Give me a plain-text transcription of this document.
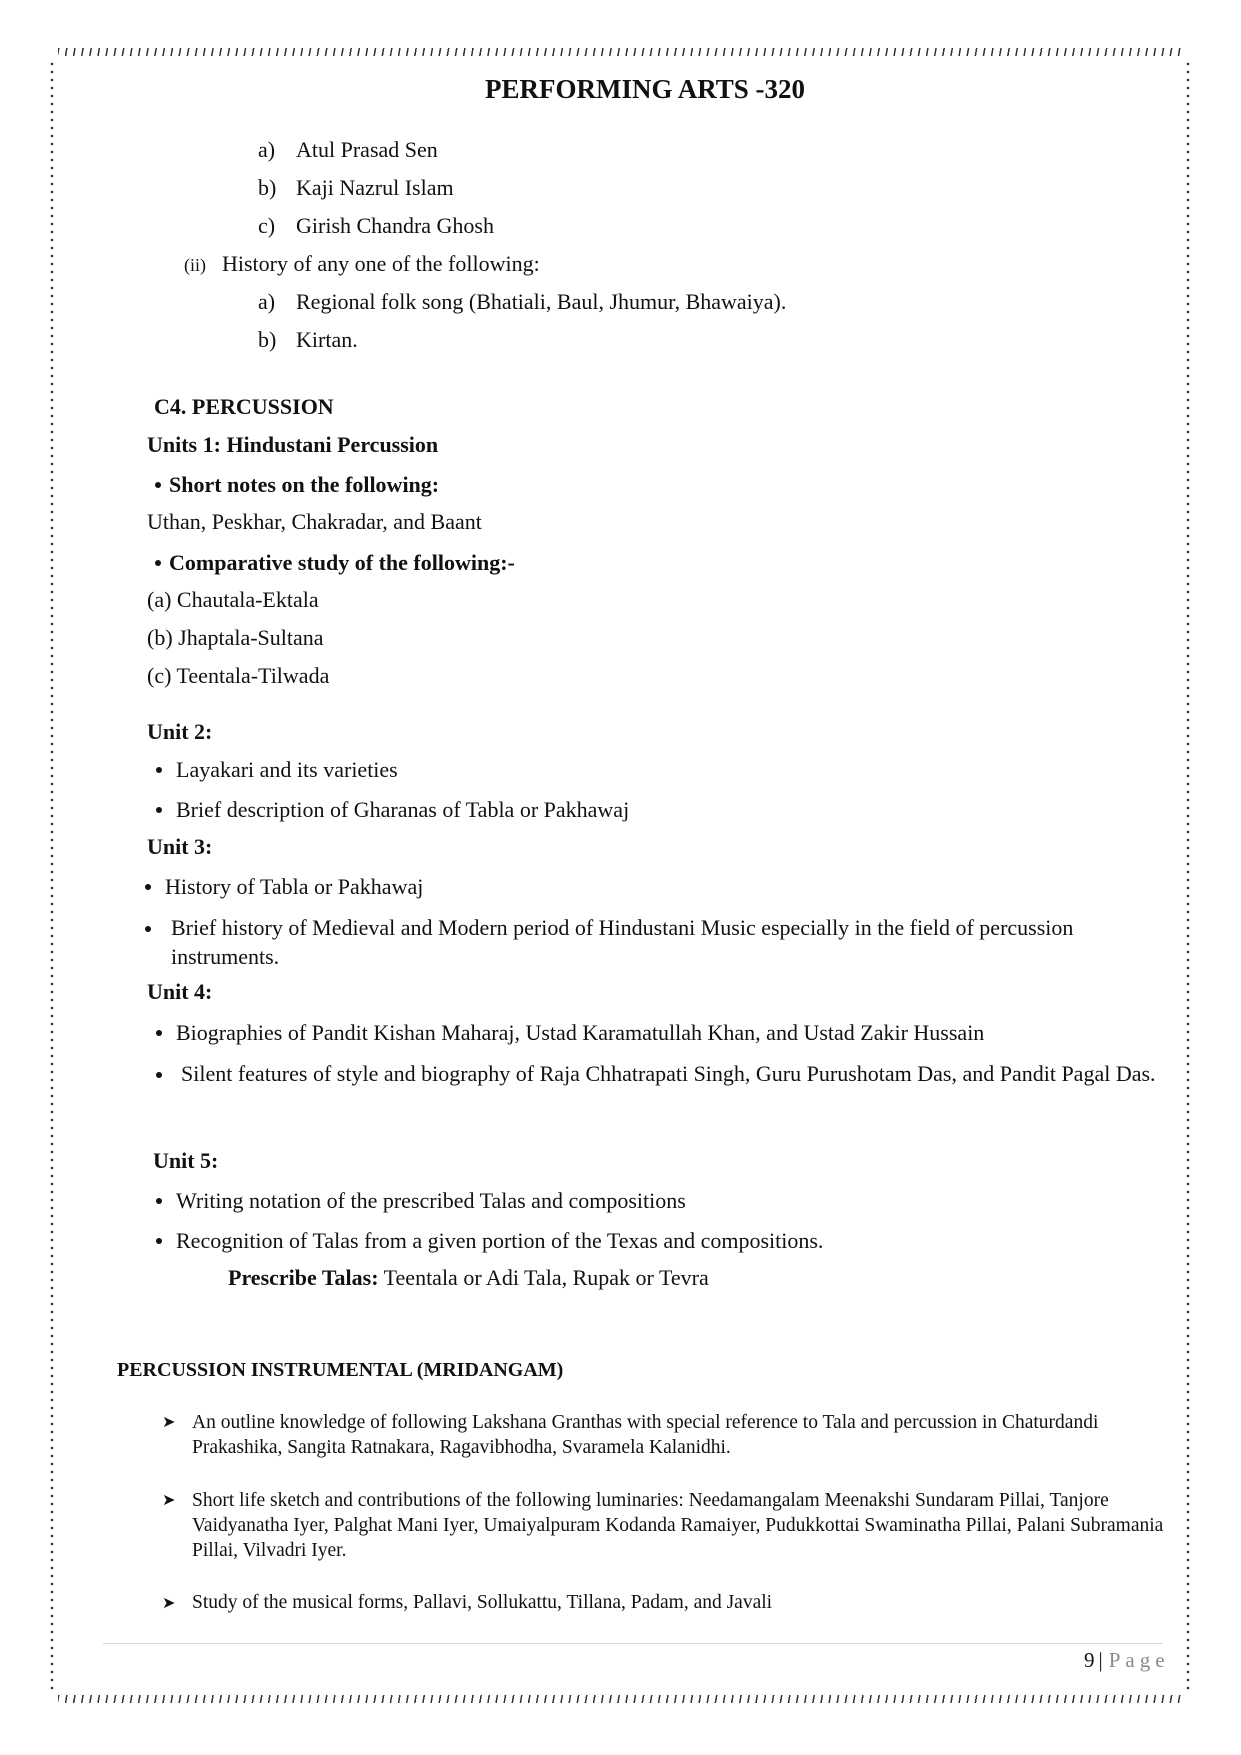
PERFORMING ARTS -320
a) Atul Prasad Sen
b) Kaji Nazrul Islam
c) Girish Chandra Ghosh
(ii) History of any one of the following:
a) Regional folk song (Bhatiali, Baul, Jhumur, Bhawaiya).
b) Kirtan.
C4. PERCUSSION
Units 1: Hindustani Percussion
Short notes on the following:
Uthan, Peskhar, Chakradar, and Baant
Comparative study of the following:-
(a) Chautala-Ektala
(b) Jhaptala-Sultana
(c) Teentala-Tilwada
Unit 2:
Layakari and its varieties
Brief description of Gharanas of Tabla or Pakhawaj
Unit 3:
History of Tabla or Pakhawaj
Brief history of Medieval and Modern period of Hindustani Music especially in the field of percussion instruments.
Unit 4:
Biographies of Pandit Kishan Maharaj, Ustad Karamatullah Khan, and Ustad Zakir Hussain
Silent features of style and biography of Raja Chhatrapati Singh, Guru Purushotam Das, and Pandit Pagal Das.
Unit 5:
Writing notation of the prescribed Talas and compositions
Recognition of Talas from a given portion of the Texas and compositions.
Prescribe Talas: Teentala or Adi Tala, Rupak or Tevra
PERCUSSION INSTRUMENTAL (MRIDANGAM)
➤ An outline knowledge of following Lakshana Granthas with special reference to Tala and percussion in Chaturdandi Prakashika, Sangita Ratnakara, Ragavibhodha, Svaramela Kalanidhi.
➤ Short life sketch and contributions of the following luminaries: Needamangalam Meenakshi Sundaram Pillai, Tanjore Vaidyanatha Iyer, Palghat Mani Iyer, Umaiyalpuram Kodanda Ramaiyer, Pudukkottai Swaminatha Pillai, Palani Subramania Pillai, Vilvadri Iyer.
➤ Study of the musical forms, Pallavi, Sollukattu, Tillana, Padam, and Javali
9 | Page
